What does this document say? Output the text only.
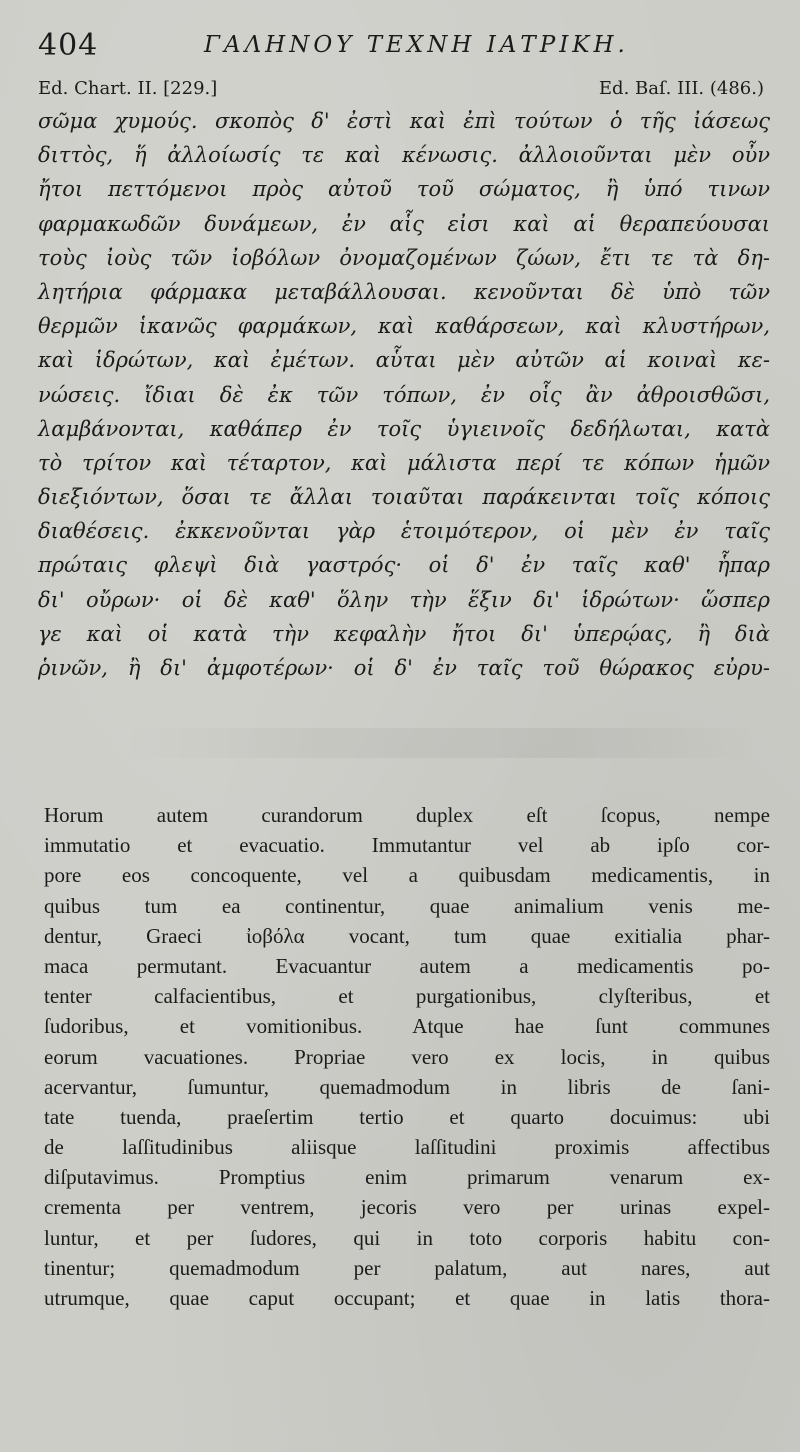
404	ΓΑΛΗΝΟΥ ΤΕΧΝΗ ΙΑΤΡΙΚΗ.
Ed. Chart. II. [229.]	Ed. Baſ. III. (486.)
σῶμα χυμούς. σκοπὸς δ' ἐστὶ καὶ ἐπὶ τούτων ὁ τῆς ἰάσεως
διττὸς, ἥ ἀλλοίωσίς τε καὶ κένωσις. ἀλλοιοῦνται μὲν οὖν
ἤτοι πεττόμενοι πρὸς αὐτοῦ τοῦ σώματος, ἢ ὑπό τινων
φαρμακωδῶν δυνάμεων, ἐν αἷς εἰσι καὶ αἱ θεραπεύουσαι
τοὺς ἰοὺς τῶν ἰοβόλων ὀνομαζομένων ζώων, ἔτι τε τὰ δη-
λητήρια φάρμακα μεταβάλλουσαι. κενοῦνται δὲ ὑπὸ τῶν
θερμῶν ἱκανῶς φαρμάκων, καὶ καθάρσεων, καὶ κλυστήρων,
καὶ ἱδρώτων, καὶ ἐμέτων. αὗται μὲν αὐτῶν αἱ κοιναὶ κε-
νώσεις. ἴδιαι δὲ ἐκ τῶν τόπων, ἐν οἷς ἂν ἀθροισθῶσι,
λαμβάνονται, καθάπερ ἐν τοῖς ὑγιεινοῖς δεδήλωται, κατὰ
τὸ τρίτον καὶ τέταρτον, καὶ μάλιστα περί τε κόπων ἡμῶν
διεξιόντων, ὅσαι τε ἄλλαι τοιαῦται παράκεινται τοῖς κόποις
διαθέσεις. ἐκκενοῦνται γὰρ ἑτοιμότερον, οἱ μὲν ἐν ταῖς
πρώταις φλεψὶ διὰ γαστρός· οἱ δ' ἐν ταῖς καθ' ἧπαρ
δι' οὔρων· οἱ δὲ καθ' ὅλην τὴν ἕξιν δι' ἱδρώτων· ὥσπερ
γε καὶ οἱ κατὰ τὴν κεφαλὴν ἤτοι δι' ὑπερῴας, ἢ διὰ
ῥινῶν, ἢ δι' ἀμφοτέρων· οἱ δ' ἐν ταῖς τοῦ θώρακος εὐρυ-
Horum autem curandorum duplex eſt ſcopus, nempe
immutatio et evacuatio. Immutantur vel ab ipſo cor-
pore eos concoquente, vel a quibusdam medicamentis, in
quibus tum ea continentur, quae animalium venis me-
dentur, Graeci ἰοβόλα vocant, tum quae exitialia phar-
maca permutant. Evacuantur autem a medicamentis po-
tenter calfacientibus, et purgationibus, clyſteribus, et
ſudoribus, et vomitionibus. Atque hae ſunt communes
eorum vacuationes. Propriae vero ex locis, in quibus
acervantur, ſumuntur, quemadmodum in libris de ſani-
tate tuenda, praeſertim tertio et quarto docuimus: ubi
de laſſitudinibus aliisque laſſitudini proximis affectibus
diſputavimus. Promptius enim primarum venarum ex-
crementa per ventrem, jecoris vero per urinas expel-
luntur, et per ſudores, qui in toto corporis habitu con-
tinentur; quemadmodum per palatum, aut nares, aut
utrumque, quae caput occupant; et quae in latis thora-
